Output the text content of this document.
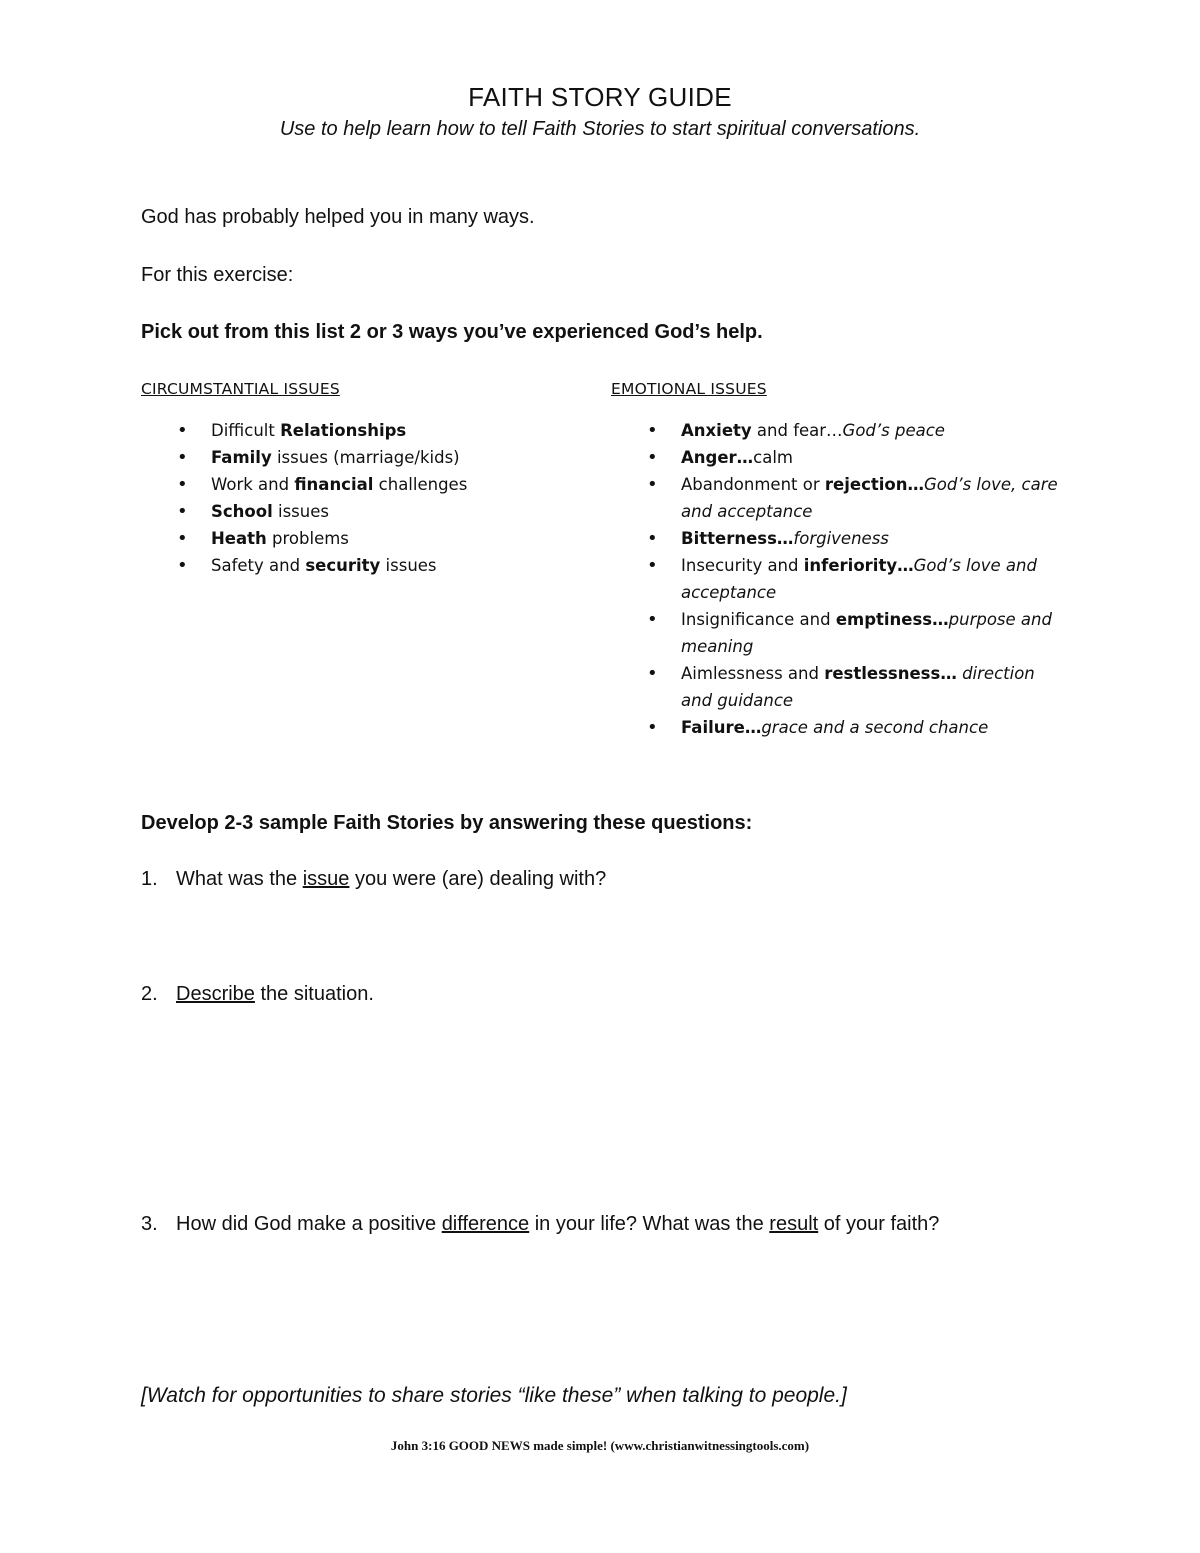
FAITH STORY GUIDE
Use to help learn how to tell Faith Stories to start spiritual conversations.
God has probably helped you in many ways.
For this exercise:
Pick out from this list 2 or 3 ways you’ve experienced God’s help.
CIRCUMSTANTIAL ISSUES
• Difficult Relationships
• Family issues (marriage/kids)
• Work and financial challenges
• School issues
• Heath problems
• Safety and security issues
EMOTIONAL ISSUES
• Anxiety and fear…God’s peace
• Anger…calm
• Abandonment or rejection…God’s love, care and acceptance
• Bitterness…forgiveness
• Insecurity and inferiority…God’s love and acceptance
• Insignificance and emptiness…purpose and meaning
• Aimlessness and restlessness… direction and guidance
• Failure…grace and a second chance
Develop 2-3 sample Faith Stories by answering these questions:
1. What was the issue you were (are) dealing with?
2. Describe the situation.
3. How did God make a positive difference in your life? What was the result of your faith?
[Watch for opportunities to share stories “like these” when talking to people.]
John 3:16 GOOD NEWS made simple! (www.christianwitnessingtools.com)
